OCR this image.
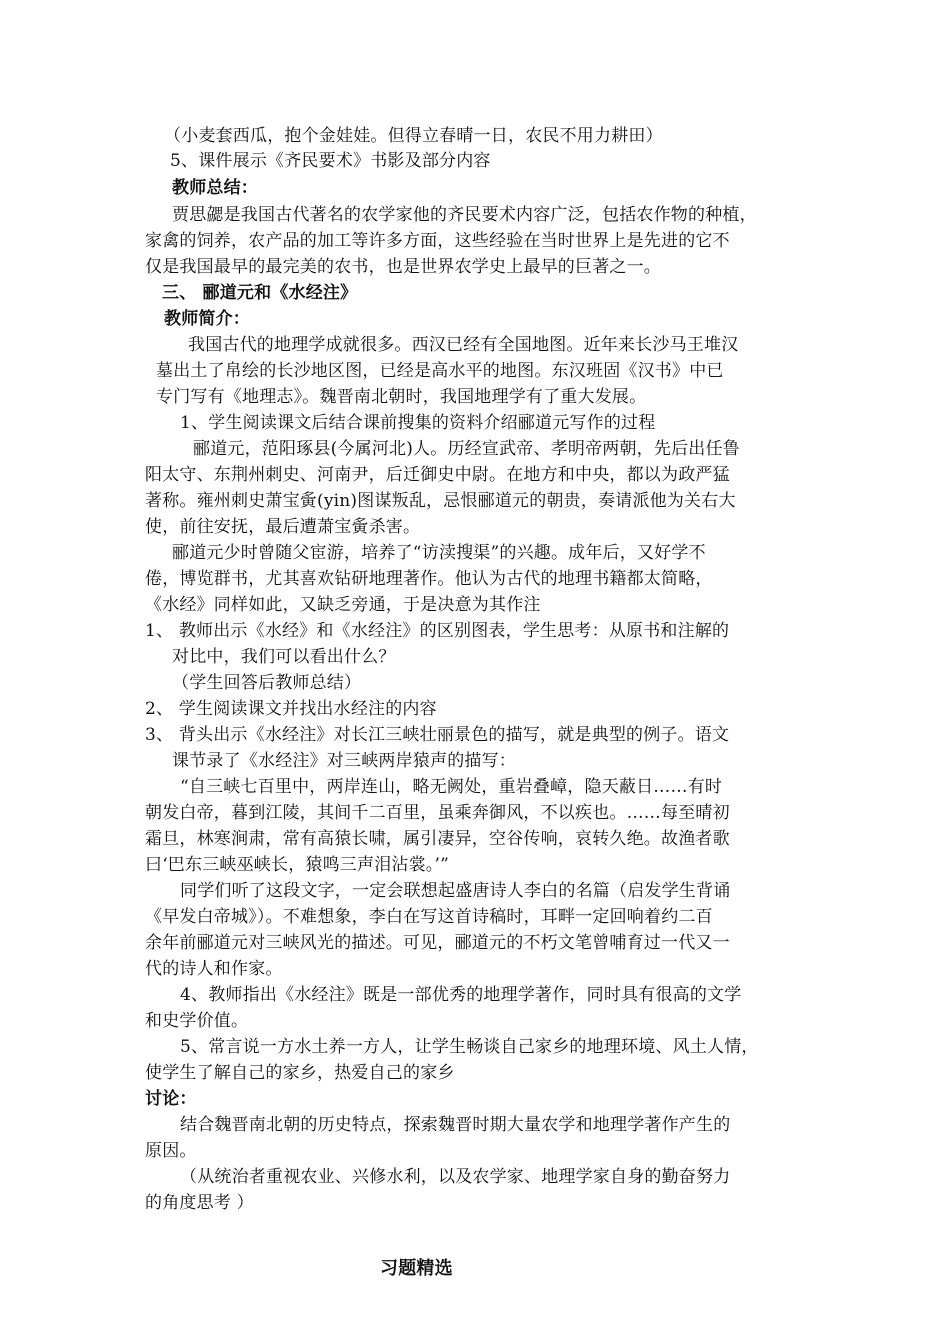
（小麦套西瓜，抱个金娃娃。但得立春晴一日，农民不用力耕田）
5、课件展示《齐民要术》书影及部分内容
教师总结：
贾思勰是我国古代著名的农学家他的齐民要术内容广泛，包括农作物的种植，
家禽的饲养，农产品的加工等许多方面，这些经验在当时世界上是先进的它不
仅是我国最早的最完美的农书，也是世界农学史上最早的巨著之一。
三、 郦道元和《水经注》
教师简介：
我国古代的地理学成就很多。西汉已经有全国地图。近年来长沙马王堆汉
墓出土了帛绘的长沙地区图，已经是高水平的地图。东汉班固《汉书》中已
专门写有《地理志》。魏晋南北朝时，我国地理学有了重大发展。
1、学生阅读课文后结合课前搜集的资料介绍郦道元写作的过程
郦道元，范阳琢县(今属河北)人。历经宣武帝、孝明帝两朝，先后出任鲁
阳太守、东荆州刺史、河南尹，后迁御史中尉。在地方和中央，都以为政严猛
著称。雍州刺史萧宝夤(yin)图谋叛乱，忌恨郦道元的朝贵，奏请派他为关右大
使，前往安抚，最后遭萧宝夤杀害。
郦道元少时曾随父宦游，培养了“访渎搜渠”的兴趣。成年后，又好学不
倦，博览群书，尤其喜欢钻研地理著作。他认为古代的地理书籍都太简略，
《水经》同样如此，又缺乏旁通，于是决意为其作注
1、 教师出示《水经》和《水经注》的区别图表，学生思考：从原书和注解的
对比中，我们可以看出什么？
（学生回答后教师总结）
2、 学生阅读课文并找出水经注的内容
3、 背头出示《水经注》对长江三峡壮丽景色的描写，就是典型的例子。语文
课节录了《水经注》对三峡两岸猿声的描写：
“自三峡七百里中，两岸连山，略无阙处，重岩叠嶂，隐天蔽日……有时
朝发白帝，暮到江陵，其间千二百里，虽乘奔御风，不以疾也。……每至晴初
霜旦，林寒涧肃，常有高猿长啸，属引凄异，空谷传响，哀转久绝。故渔者歌
曰‘巴东三峡巫峡长，猿鸣三声泪沾裳。’”
同学们听了这段文字，一定会联想起盛唐诗人李白的名篇（启发学生背诵
《早发白帝城》）。不难想象，李白在写这首诗稿时，耳畔一定回响着约二百
余年前郦道元对三峡风光的描述。可见，郦道元的不朽文笔曾哺育过一代又一
代的诗人和作家。
4、教师指出《水经注》既是一部优秀的地理学著作，同时具有很高的文学
和史学价值。
5、常言说一方水土养一方人，让学生畅谈自己家乡的地理环境、风土人情，
使学生了解自己的家乡，热爱自己的家乡
讨论：
结合魏晋南北朝的历史特点，探索魏晋时期大量农学和地理学著作产生的
原因。
（从统治者重视农业、兴修水利，以及农学家、地理学家自身的勤奋努力
的角度思考 ）
习题精选
